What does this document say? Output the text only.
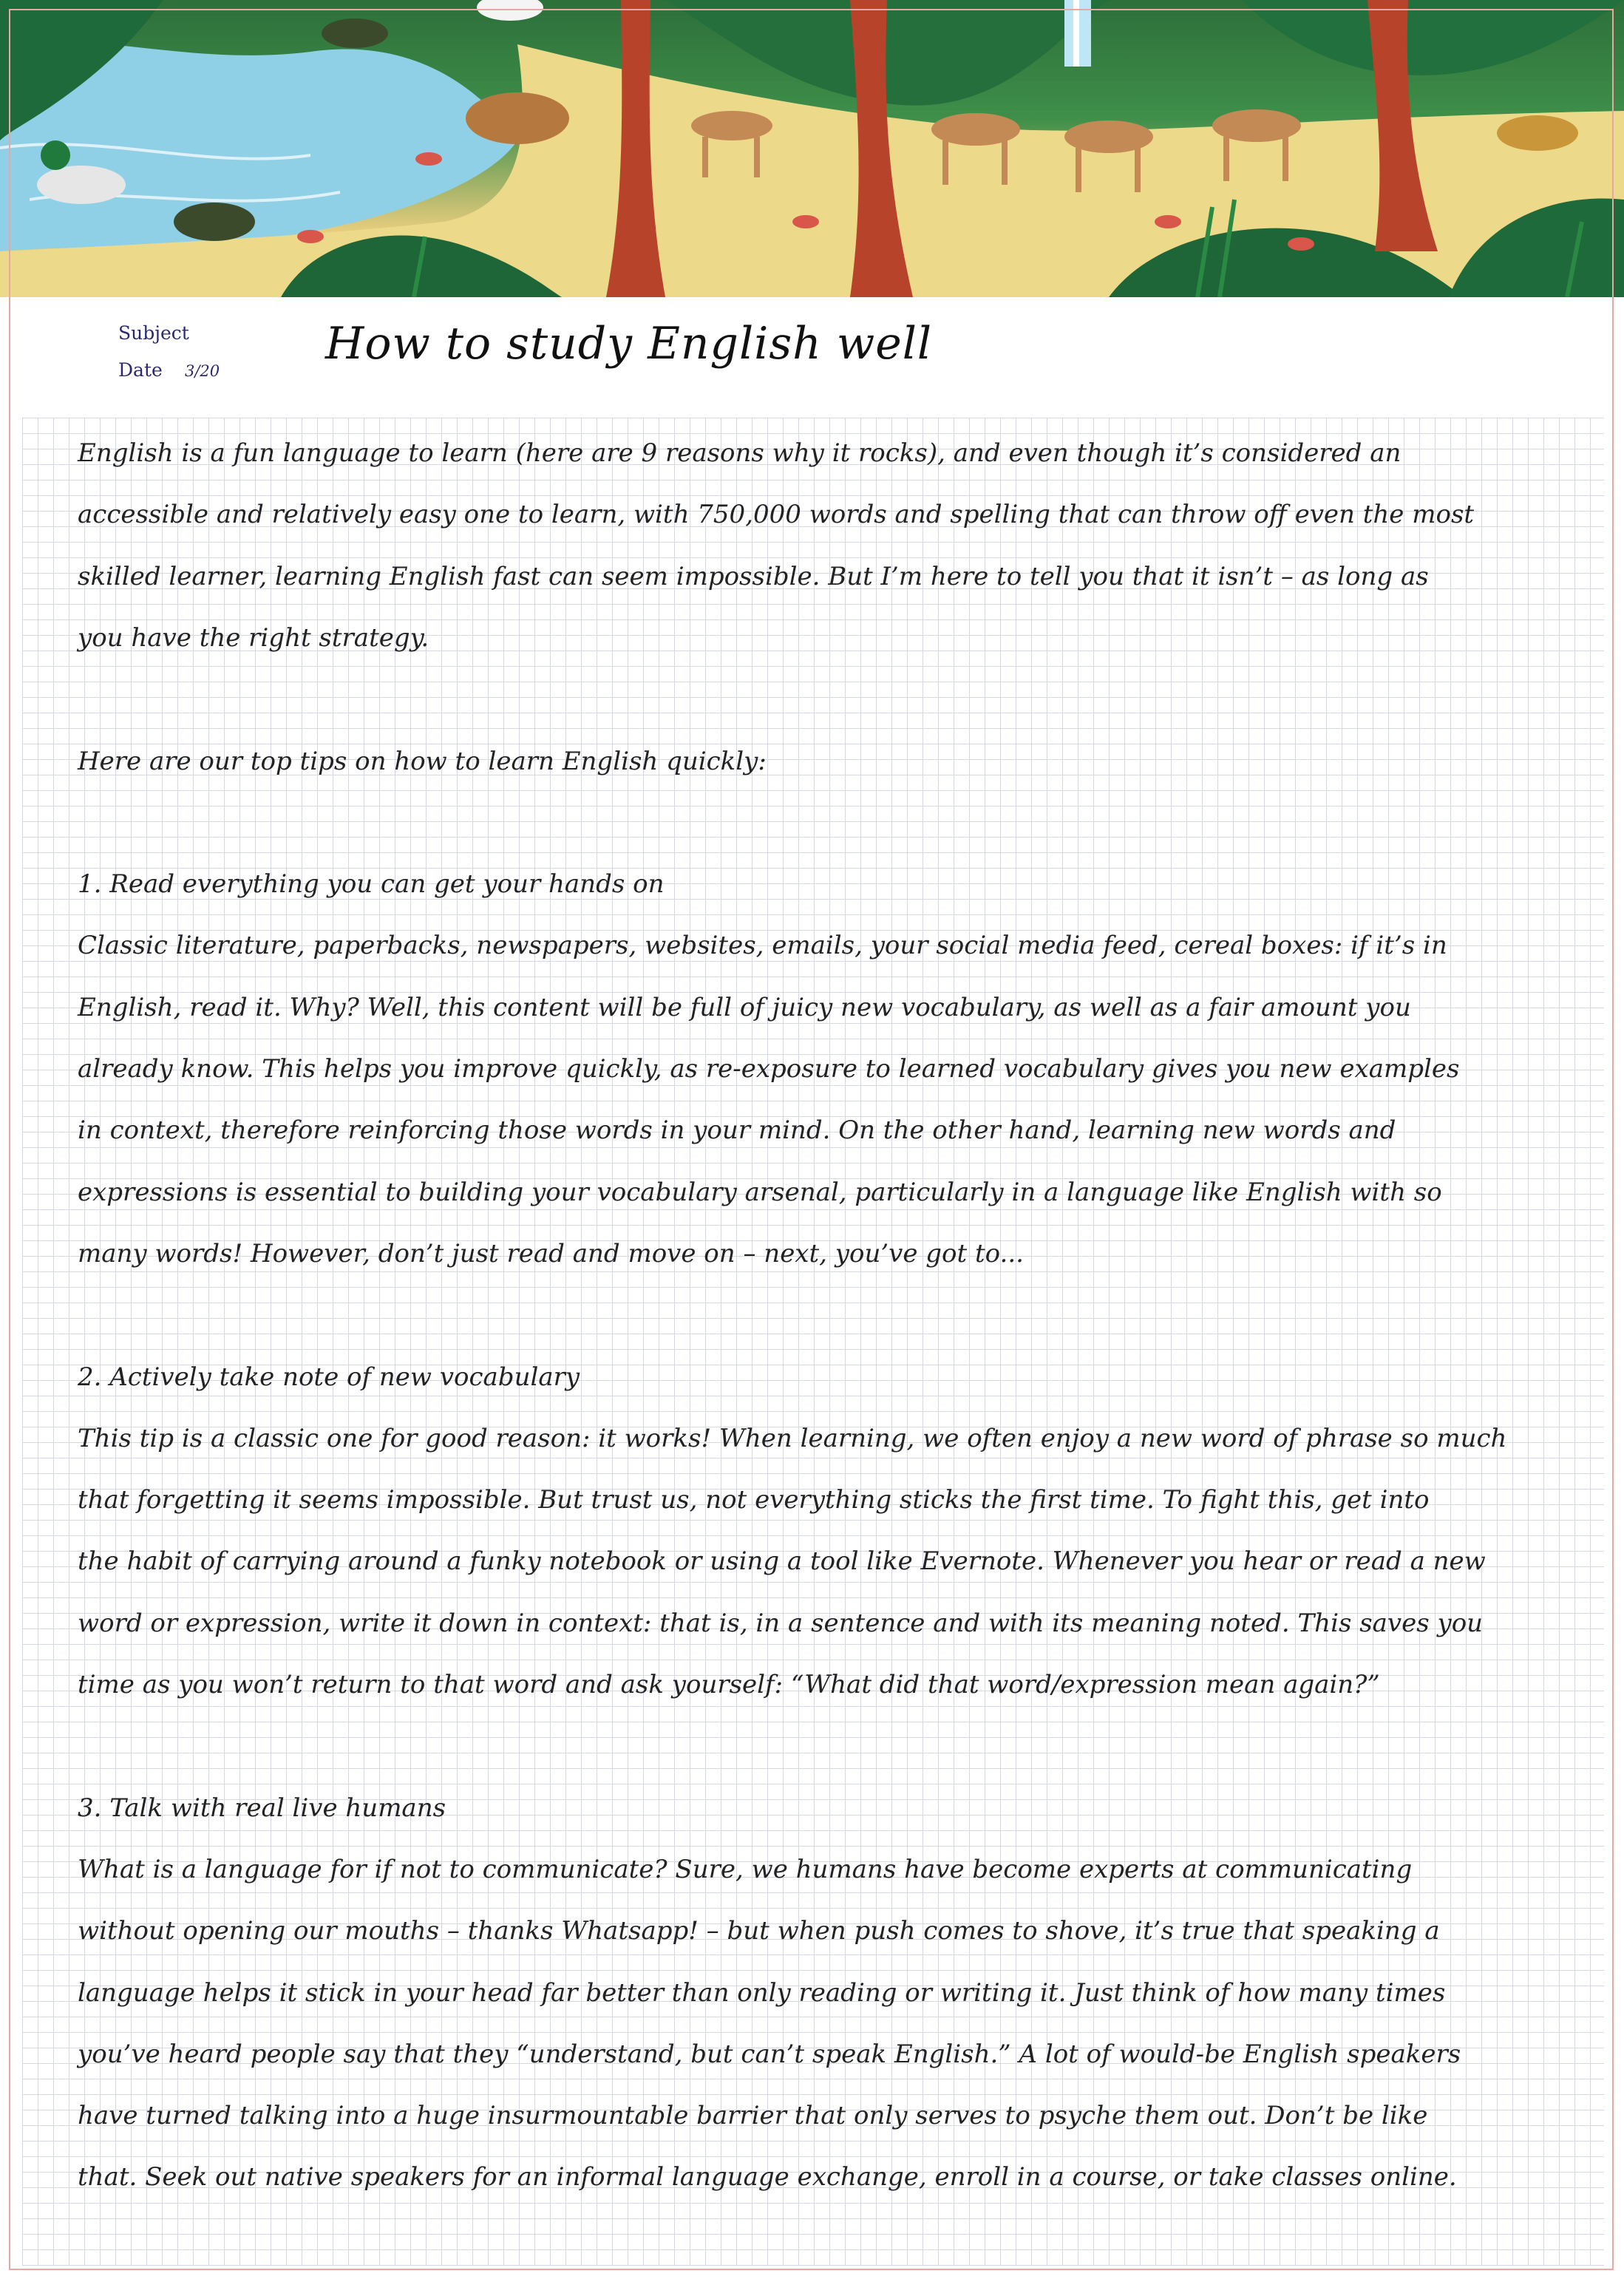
Subject
Date 3/20
How to study English well
English is a fun language to learn (here are 9 reasons why it rocks), and even though it’s considered an
accessible and relatively easy one to learn, with 750,000 words and spelling that can throw off even the most
skilled learner, learning English fast can seem impossible. But I’m here to tell you that it isn’t – as long as
you have the right strategy.
Here are our top tips on how to learn English quickly:
1. Read everything you can get your hands on
Classic literature, paperbacks, newspapers, websites, emails, your social media feed, cereal boxes: if it’s in
English, read it. Why? Well, this content will be full of juicy new vocabulary, as well as a fair amount you
already know. This helps you improve quickly, as re-exposure to learned vocabulary gives you new examples
in context, therefore reinforcing those words in your mind. On the other hand, learning new words and
expressions is essential to building your vocabulary arsenal, particularly in a language like English with so
many words! However, don’t just read and move on – next, you’ve got to...
2. Actively take note of new vocabulary
This tip is a classic one for good reason: it works! When learning, we often enjoy a new word of phrase so much
that forgetting it seems impossible. But trust us, not everything sticks the first time. To fight this, get into
the habit of carrying around a funky notebook or using a tool like Evernote. Whenever you hear or read a new
word or expression, write it down in context: that is, in a sentence and with its meaning noted. This saves you
time as you won’t return to that word and ask yourself: “What did that word/expression mean again?”
3. Talk with real live humans
What is a language for if not to communicate? Sure, we humans have become experts at communicating
without opening our mouths – thanks Whatsapp! – but when push comes to shove, it’s true that speaking a
language helps it stick in your head far better than only reading or writing it. Just think of how many times
you’ve heard people say that they “understand, but can’t speak English.” A lot of would-be English speakers
have turned talking into a huge insurmountable barrier that only serves to psyche them out. Don’t be like
that. Seek out native speakers for an informal language exchange, enroll in a course, or take classes online.
